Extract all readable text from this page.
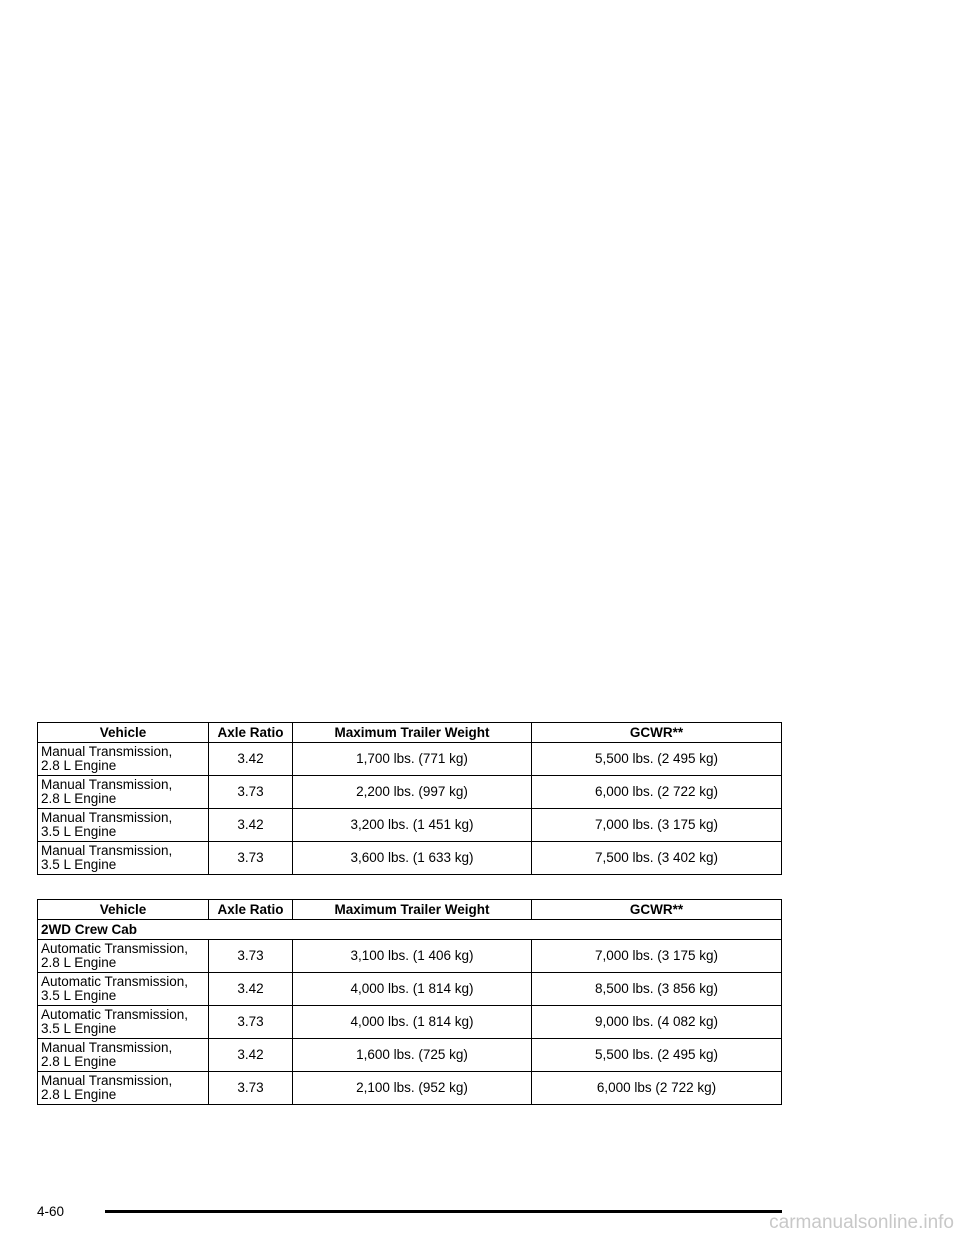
Vehicle	Axle Ratio	Maximum Trailer Weight	GCWR**
Manual Transmission,
2.8 L Engine	3.42	1,700 lbs. (771 kg)	5,500 lbs. (2 495 kg)
Manual Transmission,
2.8 L Engine	3.73	2,200 lbs. (997 kg)	6,000 lbs. (2 722 kg)
Manual Transmission,
3.5 L Engine	3.42	3,200 lbs. (1 451 kg)	7,000 lbs. (3 175 kg)
Manual Transmission,
3.5 L Engine	3.73	3,600 lbs. (1 633 kg)	7,500 lbs. (3 402 kg)
Vehicle	Axle Ratio	Maximum Trailer Weight	GCWR**
2WD Crew Cab			
Automatic Transmission,
2.8 L Engine	3.73	3,100 lbs. (1 406 kg)	7,000 lbs. (3 175 kg)
Automatic Transmission,
3.5 L Engine	3.42	4,000 lbs. (1 814 kg)	8,500 lbs. (3 856 kg)
Automatic Transmission,
3.5 L Engine	3.73	4,000 lbs. (1 814 kg)	9,000 lbs. (4 082 kg)
Manual Transmission,
2.8 L Engine	3.42	1,600 lbs. (725 kg)	5,500 lbs. (2 495 kg)
Manual Transmission,
2.8 L Engine	3.73	2,100 lbs. (952 kg)	6,000 lbs (2 722 kg)
4-60
carmanualsonline.info
